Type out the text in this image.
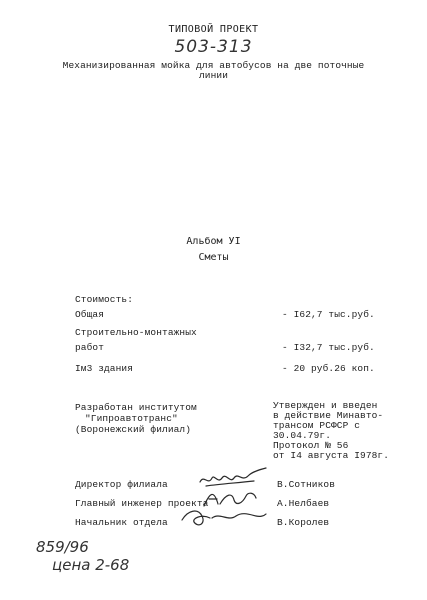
ТИПОВОЙ ПРОЕКТ
503-313
Механизированная мойка для автобусов на две поточные
линии
Альбом УI
Сметы
Стоимость:
Общая	- I62,7 тыс.руб.
Строительно-монтажных
работ	- I32,7 тыс.руб.
Iм3 здания	- 20 руб.26 коп.
Разработан институтом
"Гипроавтотранс"
(Воронежский филиал)
Утвержден и введен
в действие Минавто-
трансом РСФСР с
30.04.79г.
Протокол № 56
от I4 августа I978г.
Директор филиала	В.Сотников
Главный инженер проекта	А.Нелбаев
Начальник отдела	В.Королев
859/96
цена 2-68
